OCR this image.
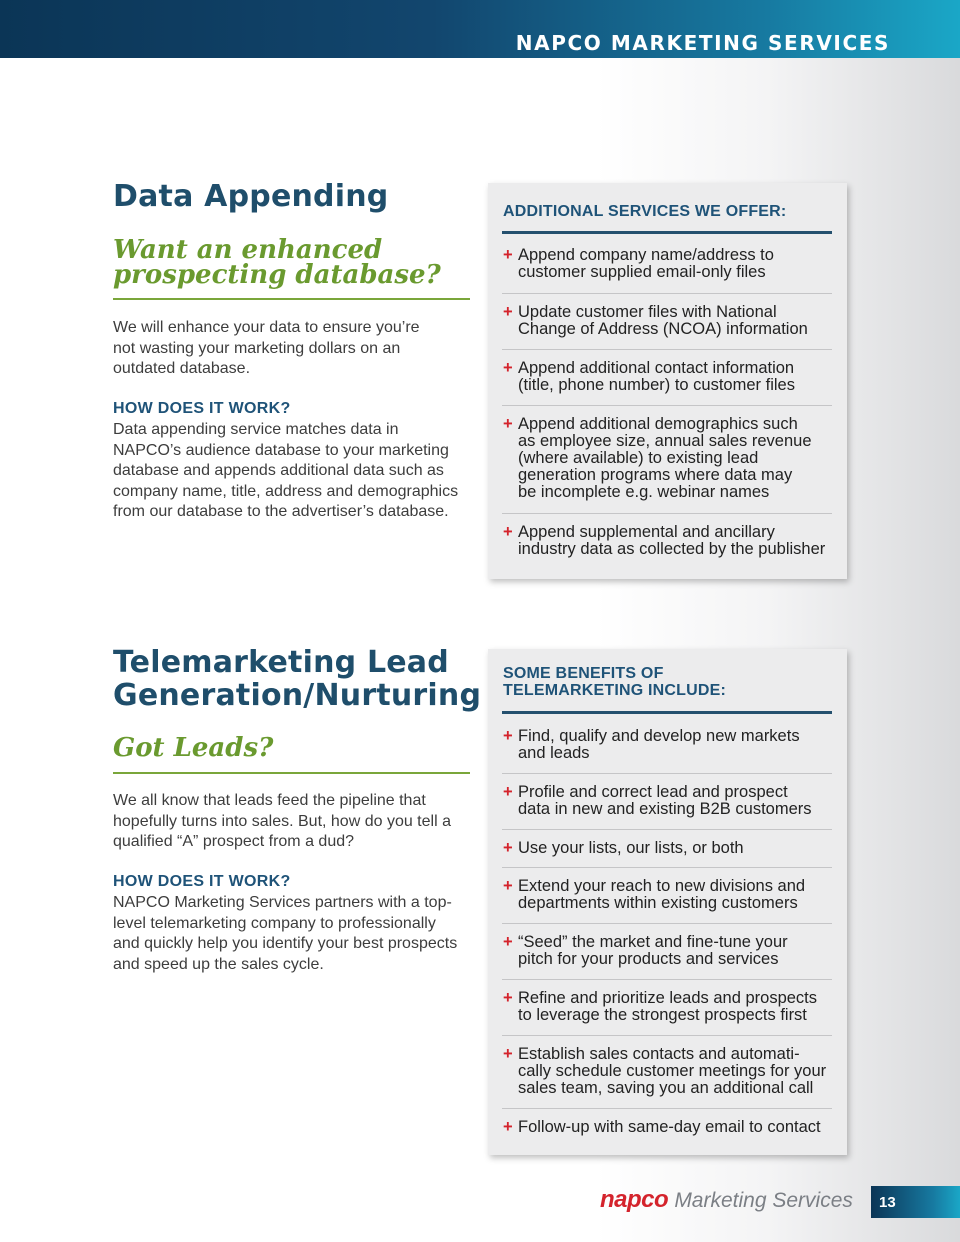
NAPCO MARKETING SERVICES
Data Appending
Want an enhanced
prospecting database?
We will enhance your data to ensure you’re
not wasting your marketing dollars on an
outdated database.
HOW DOES IT WORK?
Data appending service matches data in
NAPCO’s audience database to your marketing
database and appends additional data such as
company name, title, address and demographics
from our database to the advertiser’s database.
ADDITIONAL SERVICES WE OFFER:
+ Append company name/address to
customer supplied email-only files
+ Update customer files with National
Change of Address (NCOA) information
+ Append additional contact information
(title, phone number) to customer files
+ Append additional demographics such
as employee size, annual sales revenue
(where available) to existing lead
generation programs where data may
be incomplete e.g. webinar names
+ Append supplemental and ancillary
industry data as collected by the publisher
Telemarketing Lead
Generation/Nurturing
Got Leads?
We all know that leads feed the pipeline that
hopefully turns into sales. But, how do you tell a
qualified “A” prospect from a dud?
HOW DOES IT WORK?
NAPCO Marketing Services partners with a top-
level telemarketing company to professionally
and quickly help you identify your best prospects
and speed up the sales cycle.
SOME BENEFITS OF
TELEMARKETING INCLUDE:
+ Find, qualify and develop new markets
and leads
+ Profile and correct lead and prospect
data in new and existing B2B customers
+ Use your lists, our lists, or both
+ Extend your reach to new divisions and
departments within existing customers
+ “Seed” the market and fine-tune your
pitch for your products and services
+ Refine and prioritize leads and prospects
to leverage the strongest prospects first
+ Establish sales contacts and automati-
cally schedule customer meetings for your
sales team, saving you an additional call
+ Follow-up with same-day email to contact
napco Marketing Services 13
